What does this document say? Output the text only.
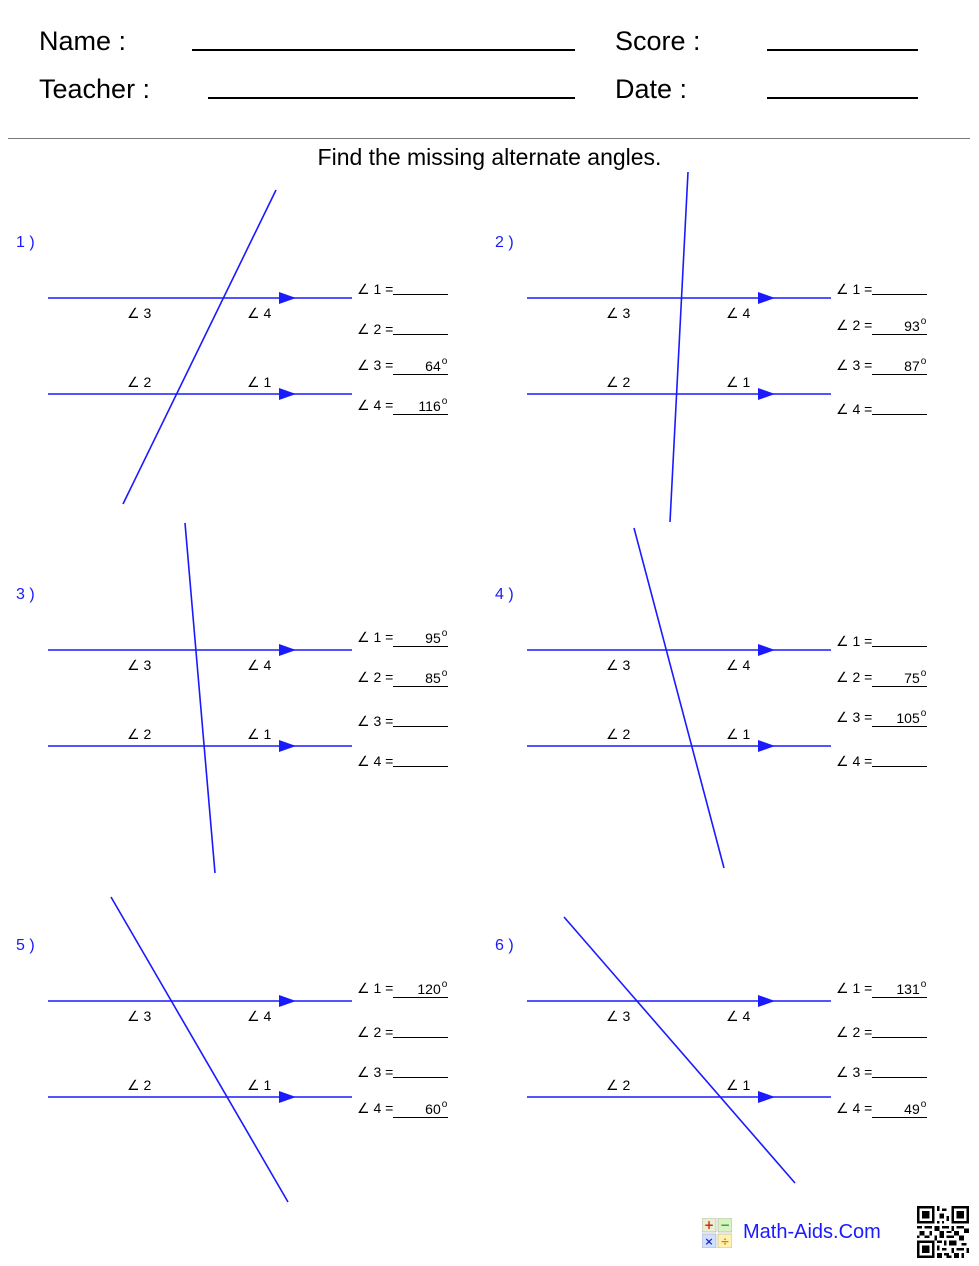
Name :
Teacher :
Score :
Date :
Find the missing alternate angles.
1 )
∠ 3	∠ 4
∠ 2	∠ 1
∠ 1 =
∠ 2 =
∠ $3 =64^o$
∠ $4 =116^o$
2 )
∠ 3	∠ 4
∠ 2	∠ 1
∠ 1 =
∠ $2 =93^o$
∠ $3 =87^o$
∠ 4 =
3 )
∠ 3	∠ 4
∠ 2	∠ 1
∠ $1 =95^o$
∠ $2 =85^o$
∠ 3 =
∠ 4 =
4 )
∠ 3	∠ 4
∠ 2	∠ 1
∠ 1 =
∠ $2 =75^o$
∠ $3 =105^o$
∠ 4 =
5 )
∠ 3	∠ 4
∠ 2	∠ 1
∠ $1 =120^o$
∠ 2 =
∠ 3 =
∠ $4 =60^o$
6 )
∠ 3	∠ 4
∠ 2	∠ 1
∠ $1 =131^o$
∠ 2 =
∠ 3 =
∠ $4 =49^o$
+ −
× ÷ Math-Aids.Com
